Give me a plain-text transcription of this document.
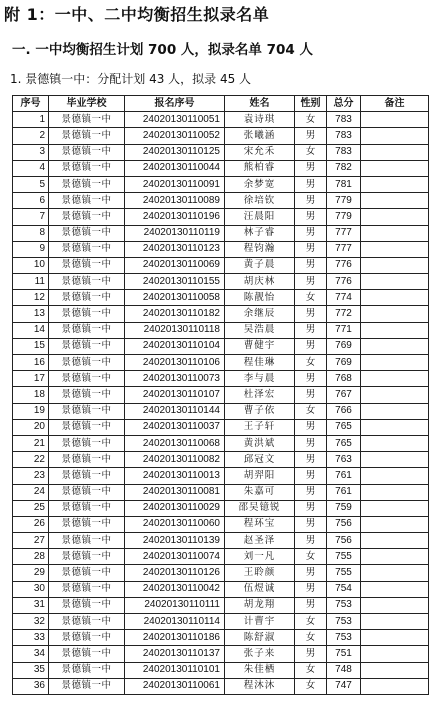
附 1：一中、二中均衡招生拟录名单
一. 一中均衡招生计划 700 人，拟录名单 704 人
1. 景德镇一中：分配计划 43 人，拟录 45 人
序号	毕业学校	报名序号	姓名	性别	总分	备注
1	景德镇一中	24020130110051	袁诗琪	女	783	
2	景德镇一中	24020130110052	张曦涵	男	783	
3	景德镇一中	24020130110125	宋允禾	女	783	
4	景德镇一中	24020130110044	熊柏睿	男	782	
5	景德镇一中	24020130110091	余梦宽	男	781	
6	景德镇一中	24020130110089	徐培钦	男	779	
7	景德镇一中	24020130110196	汪晨阳	男	779	
8	景德镇一中	24020130110119	林子睿	男	777	
9	景德镇一中	24020130110123	程钧瀚	男	777	
10	景德镇一中	24020130110069	黄子晨	男	776	
11	景德镇一中	24020130110155	胡庆林	男	776	
12	景德镇一中	24020130110058	陈靓怡	女	774	
13	景德镇一中	24020130110182	余继辰	男	772	
14	景德镇一中	24020130110118	吴浩晨	男	771	
15	景德镇一中	24020130110104	曹健宇	男	769	
16	景德镇一中	24020130110106	程佳琳	女	769	
17	景德镇一中	24020130110073	李与晨	男	768	
18	景德镇一中	24020130110107	杜泽宏	男	767	
19	景德镇一中	24020130110144	曹子依	女	766	
20	景德镇一中	24020130110037	王子轩	男	765	
21	景德镇一中	24020130110068	黄洪斌	男	765	
22	景德镇一中	24020130110082	邱冠文	男	763	
23	景德镇一中	24020130110013	胡羿阳	男	761	
24	景德镇一中	24020130110081	朱嘉可	男	761	
25	景德镇一中	24020130110029	邵吴镱锐	男	759	
26	景德镇一中	24020130110060	程环宝	男	756	
27	景德镇一中	24020130110139	赵圣泽	男	756	
28	景德镇一中	24020130110074	刘一凡	女	755	
29	景德镇一中	24020130110126	王聆颜	男	755	
30	景德镇一中	24020130110042	伍煜诚	男	754	
31	景德镇一中	24020130110111	胡龙翔	男	753	
32	景德镇一中	24020130110114	计曹宇	女	753	
33	景德镇一中	24020130110186	陈舒淑	女	753	
34	景德镇一中	24020130110137	张子来	男	751	
35	景德镇一中	24020130110101	朱佳栖	女	748	
36	景德镇一中	24020130110061	程沐沐	女	747	
